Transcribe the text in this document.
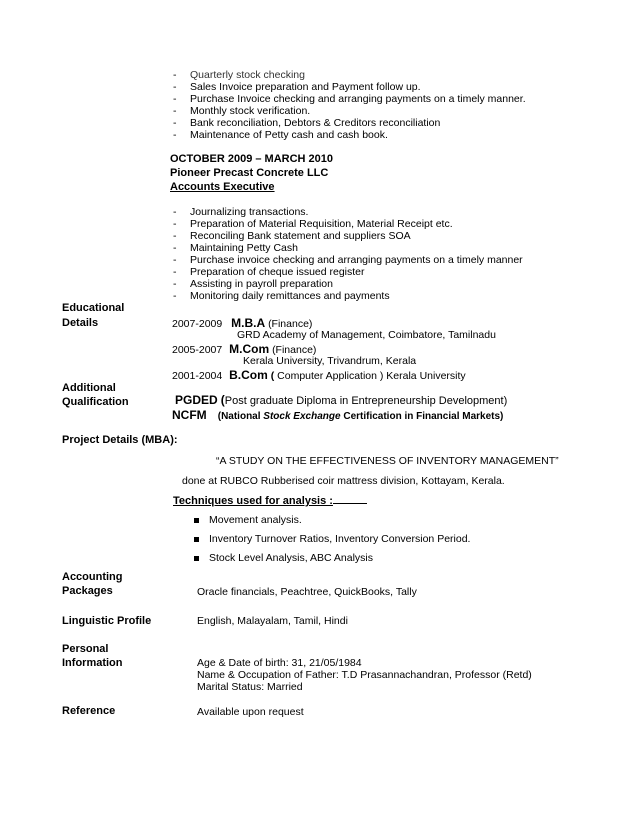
- Quarterly stock checking
- Sales Invoice preparation and Payment follow up.
- Purchase Invoice checking and arranging payments on a timely manner.
- Monthly stock verification.
- Bank reconciliation, Debtors & Creditors reconciliation
- Maintenance of Petty cash and cash book.
OCTOBER 2009 – MARCH 2010
Pioneer Precast Concrete LLC
Accounts Executive
- Journalizing transactions.
- Preparation of Material Requisition, Material Receipt etc.
- Reconciling Bank statement and suppliers SOA
- Maintaining Petty Cash
- Purchase invoice checking and arranging payments on a timely manner
- Preparation of cheque issued register
- Assisting in payroll preparation
- Monitoring daily remittances and payments
Educational
Details	2007-2009 M.B.A (Finance)
GRD Academy of Management, Coimbatore, Tamilnadu
2005-2007 M.Com (Finance)
Kerala University, Trivandrum, Kerala
2001-2004 B.Com ( Computer Application ) Kerala University
Additional
Qualification	PGDED (Post graduate Diploma in Entrepreneurship Development)
NCFM (National Stock Exchange Certification in Financial Markets)
Project Details (MBA):
“A STUDY ON THE EFFECTIVENESS OF INVENTORY MANAGEMENT”
done at RUBCO Rubberised coir mattress division, Kottayam, Kerala.
Techniques used for analysis :
Movement analysis.
Inventory Turnover Ratios, Inventory Conversion Period.
Stock Level Analysis, ABC Analysis
Accounting
Packages	Oracle financials, Peachtree, QuickBooks, Tally
Linguistic Profile	English, Malayalam, Tamil, Hindi
Personal
Information	Age & Date of birth: 31, 21/05/1984
Name & Occupation of Father: T.D Prasannachandran, Professor (Retd)
Marital Status: Married
Reference	Available upon request
